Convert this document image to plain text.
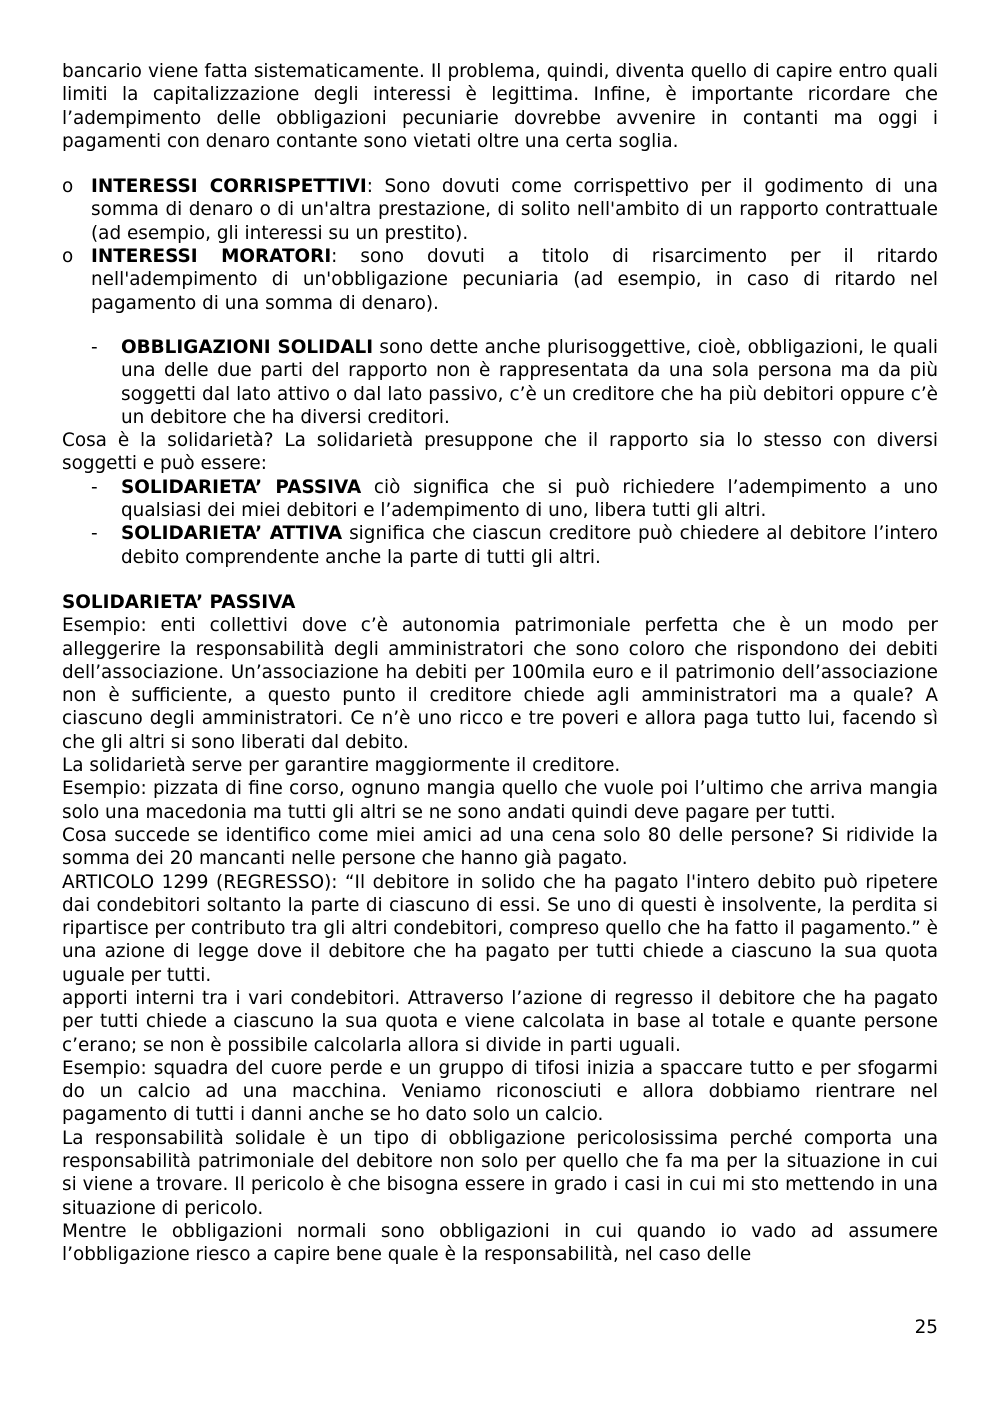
bancario viene fatta sistematicamente. Il problema, quindi, diventa quello di capire entro quali limiti la capitalizzazione degli interessi è legittima. Infine, è importante ricordare che l’adempimento delle obbligazioni pecuniarie dovrebbe avvenire in contanti ma oggi i pagamenti con denaro contante sono vietati oltre una certa soglia.

o INTERESSI CORRISPETTIVI: Sono dovuti come corrispettivo per il godimento di una somma di denaro o di un'altra prestazione, di solito nell'ambito di un rapporto contrattuale (ad esempio, gli interessi su un prestito).
o INTERESSI MORATORI: sono dovuti a titolo di risarcimento per il ritardo nell'adempimento di un'obbligazione pecuniaria (ad esempio, in caso di ritardo nel pagamento di una somma di denaro).
- OBBLIGAZIONI SOLIDALI sono dette anche plurisoggettive, cioè, obbligazioni, le quali una delle due parti del rapporto non è rappresentata da una sola persona ma da più soggetti dal lato attivo o dal lato passivo, c’è un creditore che ha più debitori oppure c’è un debitore che ha diversi creditori.

Cosa è la solidarietà? La solidarietà presuppone che il rapporto sia lo stesso con diversi soggetti e può essere:

- SOLIDARIETA’ PASSIVA ciò significa che si può richiedere l’adempimento a uno qualsiasi dei miei debitori e l’adempimento di uno, libera tutti gli altri.
- SOLIDARIETA’ ATTIVA significa che ciascun creditore può chiedere al debitore l’intero debito comprendente anche la parte di tutti gli altri.

SOLIDARIETA’ PASSIVA

Esempio: enti collettivi dove c’è autonomia patrimoniale perfetta che è un modo per alleggerire la responsabilità degli amministratori che sono coloro che rispondono dei debiti dell’associazione. Un’associazione ha debiti per 100mila euro e il patrimonio dell’associazione non è sufficiente, a questo punto il creditore chiede agli amministratori ma a quale? A ciascuno degli amministratori. Ce n’è uno ricco e tre poveri e allora paga tutto lui, facendo sì che gli altri si sono liberati dal debito.

La solidarietà serve per garantire maggiormente il creditore.

Esempio: pizzata di fine corso, ognuno mangia quello che vuole poi l’ultimo che arriva mangia solo una macedonia ma tutti gli altri se ne sono andati quindi deve pagare per tutti.

Cosa succede se identifico come miei amici ad una cena solo 80 delle persone? Si ridivide la somma dei 20 mancanti nelle persone che hanno già pagato.

ARTICOLO 1299 (REGRESSO): “Il debitore in solido che ha pagato l'intero debito può ripetere dai condebitori soltanto la parte di ciascuno di essi. Se uno di questi è insolvente, la perdita si ripartisce per contributo tra gli altri condebitori, compreso quello che ha fatto il pagamento.” è una azione di legge dove il debitore che ha pagato per tutti chiede a ciascuno la sua quota uguale per tutti.

apporti interni tra i vari condebitori. Attraverso l’azione di regresso il debitore che ha pagato per tutti chiede a ciascuno la sua quota e viene calcolata in base al totale e quante persone c’erano; se non è possibile calcolarla allora si divide in parti uguali.

Esempio: squadra del cuore perde e un gruppo di tifosi inizia a spaccare tutto e per sfogarmi do un calcio ad una macchina. Veniamo riconosciuti e allora dobbiamo rientrare nel pagamento di tutti i danni anche se ho dato solo un calcio.

La responsabilità solidale è un tipo di obbligazione pericolosissima perché comporta una responsabilità patrimoniale del debitore non solo per quello che fa ma per la situazione in cui si viene a trovare. Il pericolo è che bisogna essere in grado i casi in cui mi sto mettendo in una situazione di pericolo.

Mentre le obbligazioni normali sono obbligazioni in cui quando io vado ad assumere l’obbligazione riesco a capire bene quale è la responsabilità, nel caso delle

25
